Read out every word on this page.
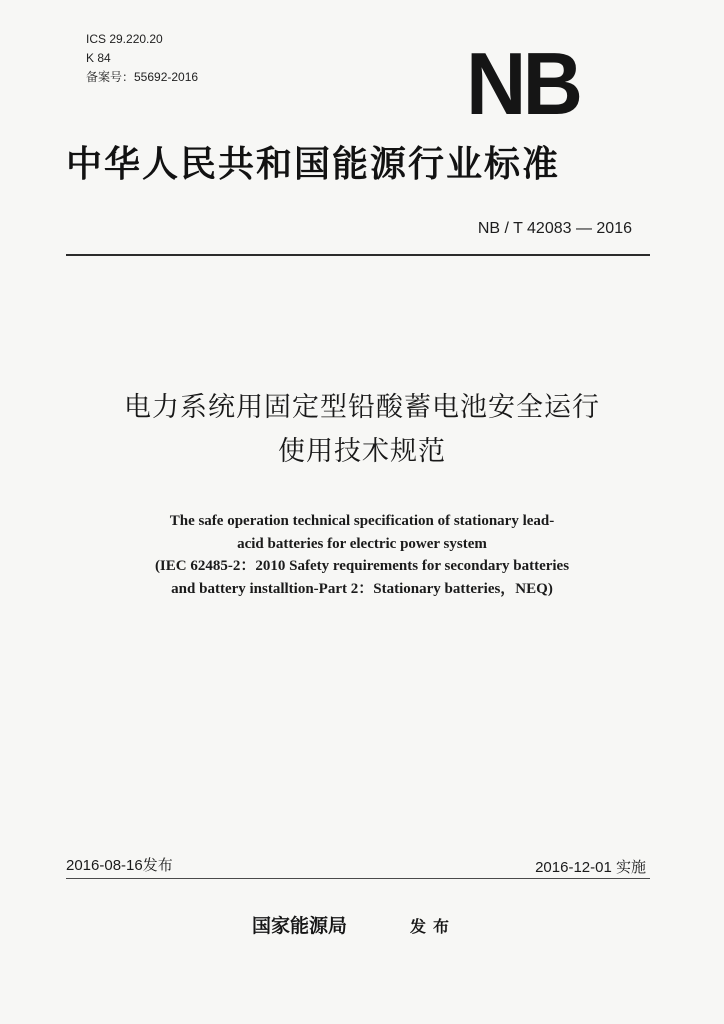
ICS 29.220.20
K 84
备案号：55692-2016	NB
中华人民共和国能源行业标准
NB / T 42083 — 2016
电力系统用固定型铅酸蓄电池安全运行
使用技术规范
The safe operation technical specification of stationary lead-
acid batteries for electric power system
(IEC 62485-2：2010 Safety requirements for secondary batteries
and battery installtion-Part 2：Stationary batteries，NEQ)
2016-08-16发布	2016-12-01 实施
国家能源局	发布
